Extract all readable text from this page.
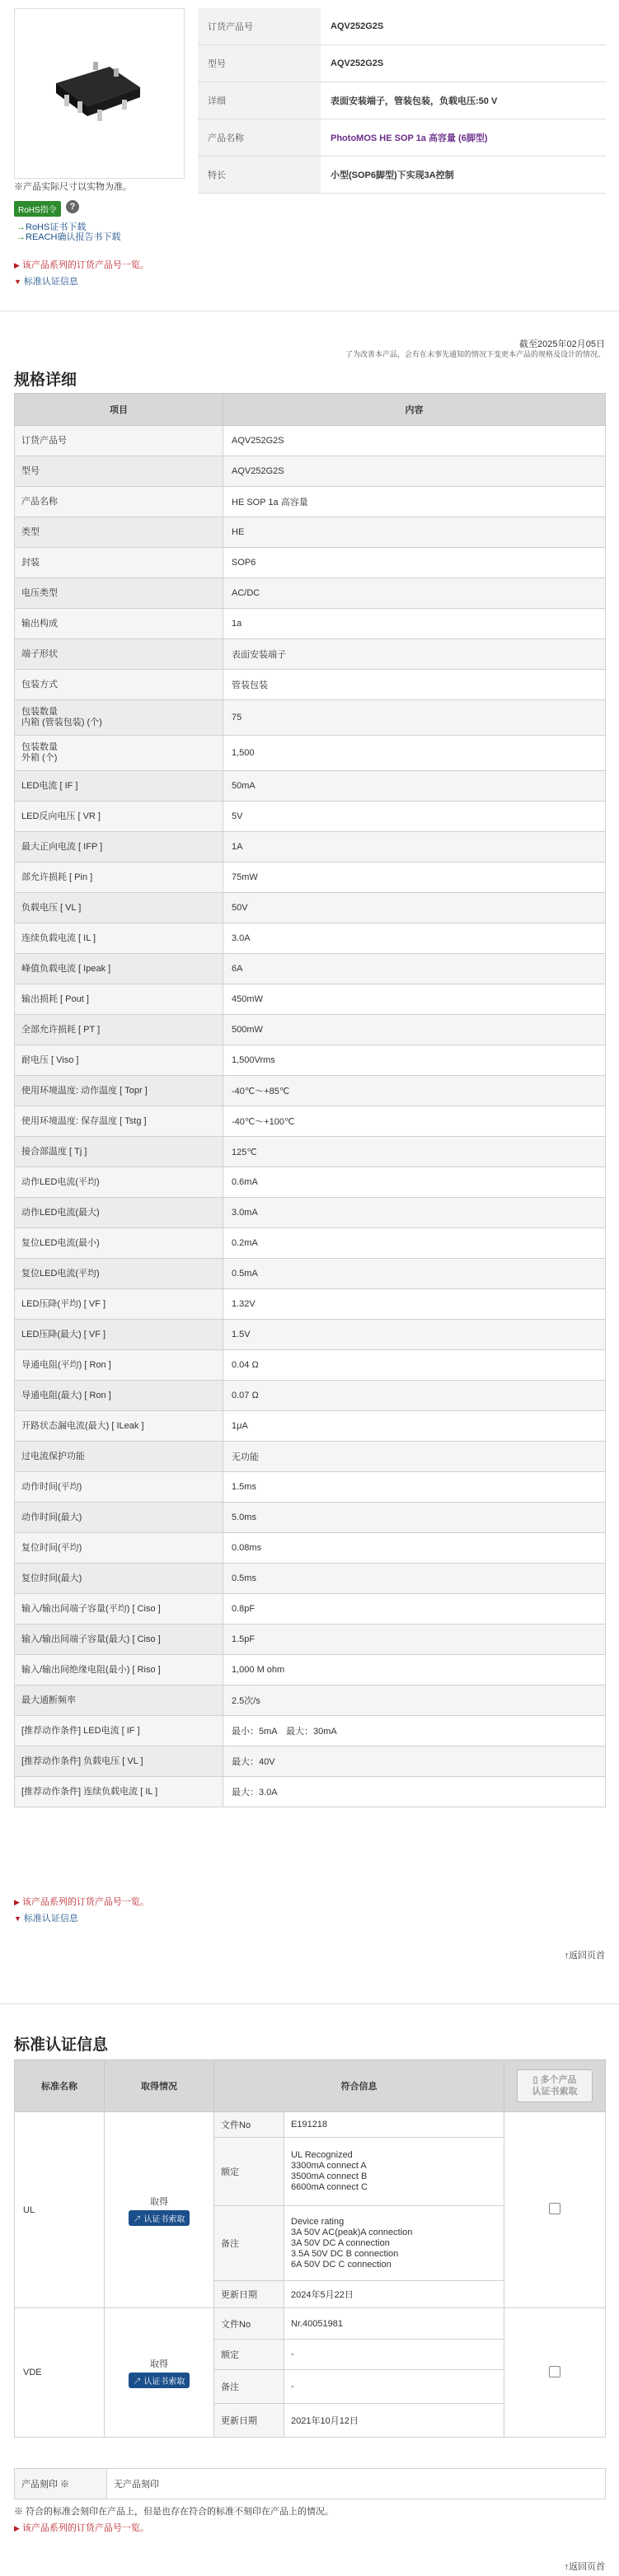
※产品实际尺寸以实物为准。
RoHS指令	?
→RoHS证书下载
→REACH确认报告书下载
▶ 该产品系列的订货产品号一览。
▼ 标准认证信息
订货产品号	AQV252G2S
型号	AQV252G2S
详细	表面安装端子，管装包装，负载电压:50 V
产品名称	PhotoMOS HE SOP 1a 高容量 (6脚型)
特长	小型(SOP6脚型)下实现3A控制
截至2025年02月05日
了为改善本产品，会有在未事先通知的情况下变更本产品的规格及设计的情况。
规格详细
项目	内容
订货产品号	AQV252G2S
型号	AQV252G2S
产品名称	HE SOP 1a 高容量
类型	HE
封装	SOP6
电压类型	AC/DC
输出构成	1a
端子形状	表面安装端子
包装方式	管装包装
包装数量
内箱 (管装包装) (个)	75
包装数量
外箱 (个)	1,500
LED电流 [ IF ]	50mA
LED反向电压 [ VR ]	5V
最大正向电流 [ IFP ]	1A
部允许损耗 [ Pin ]	75mW
负载电压 [ VL ]	50V
连续负载电流 [ IL ]	3.0A
峰值负载电流 [ Ipeak ]	6A
输出损耗 [ Pout ]	450mW
全部允许损耗 [ PT ]	500mW
耐电压 [ Viso ]	1,500Vrms
使用环境温度: 动作温度 [ Topr ]	-40℃～+85℃
使用环境温度: 保存温度 [ Tstg ]	-40℃～+100℃
接合部温度 [ Tj ]	125℃
动作LED电流(平均)	0.6mA
动作LED电流(最大)	3.0mA
复位LED电流(最小)	0.2mA
复位LED电流(平均)	0.5mA
LED压降(平均) [ VF ]	1.32V
LED压降(最大) [ VF ]	1.5V
导通电阻(平均) [ Ron ]	0.04 Ω
导通电阻(最大) [ Ron ]	0.07 Ω
开路状态漏电流(最大) [ ILeak ]	1μA
过电流保护功能	无功能
动作时间(平均)	1.5ms
动作时间(最大)	5.0ms
复位时间(平均)	0.08ms
复位时间(最大)	0.5ms
输入/输出间端子容量(平均) [ Ciso ]	0.8pF
输入/输出间端子容量(最大) [ Ciso ]	1.5pF
输入/输出间绝缘电阻(最小) [ Riso ]	1,000 M ohm
最大通断频率	2.5次/s
[推荐动作条件] LED电流 [ IF ]	最小：5mA　最大：30mA
[推荐动作条件] 负载电压 [ VL ]	最大：40V
[推荐动作条件] 连续负载电流 [ IL ]	最大：3.0A
▶ 该产品系列的订货产品号一览。
▼ 标准认证信息
↑返回页首
标准认证信息
标准名称	取得情况	符合信息		▯ 多个产品
认证书索取
UL	取得
↗ 认证书索取	文件No	E191218	
		额定	UL Recognized
3300mA connect A
3500mA connect B
6600mA connect C	
		备注	Device rating
3A 50V AC(peak)A connection
3A 50V DC A connection
3.5A 50V DC B connection
6A 50V DC C connection	
		更新日期	2024年5月22日	
VDE	取得
↗ 认证书索取	文件No	Nr.40051981	
		额定	-	
		备注	-	
		更新日期	2021年10月12日	
产品刻印 ※	无产品刻印
※ 符合的标准会刻印在产品上，但是也存在符合的标准不刻印在产品上的情况。
▶ 该产品系列的订货产品号一览。
↑返回页首
